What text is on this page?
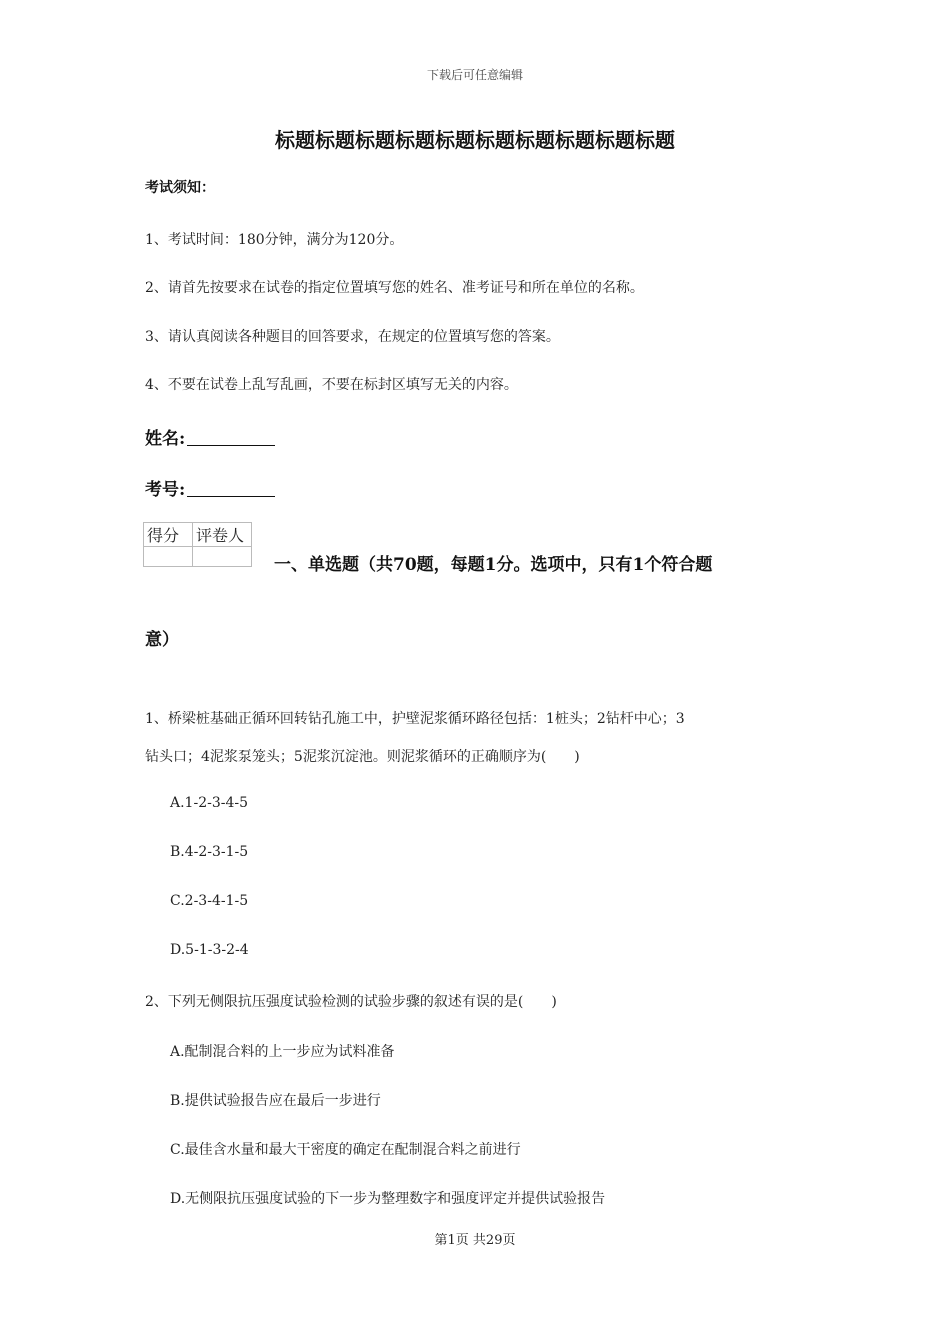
下载后可任意编辑
标题标题标题标题标题标题标题标题标题标题
考试须知：
1、考试时间：180分钟，满分为120分。
2、请首先按要求在试卷的指定位置填写您的姓名、准考证号和所在单位的名称。
3、请认真阅读各种题目的回答要求，在规定的位置填写您的答案。
4、不要在试卷上乱写乱画，不要在标封区填写无关的内容。
姓名:
考号:
得分	评卷人

一、单选题（共70题，每题1分。选项中，只有1个符合题
意）
1、桥梁桩基础正循环回转钻孔施工中，护壁泥浆循环路径包括：1桩头；2钻杆中心；3
钻头口；4泥浆泵笼头；5泥浆沉淀池。则泥浆循环的正确顺序为(　　)
A.1-2-3-4-5
B.4-2-3-1-5
C.2-3-4-1-5
D.5-1-3-2-4
2、下列无侧限抗压强度试验检测的试验步骤的叙述有误的是(　　)
A.配制混合料的上一步应为试料准备
B.提供试验报告应在最后一步进行
C.最佳含水量和最大干密度的确定在配制混合料之前进行
D.无侧限抗压强度试验的下一步为整理数字和强度评定并提供试验报告
第1页 共29页
